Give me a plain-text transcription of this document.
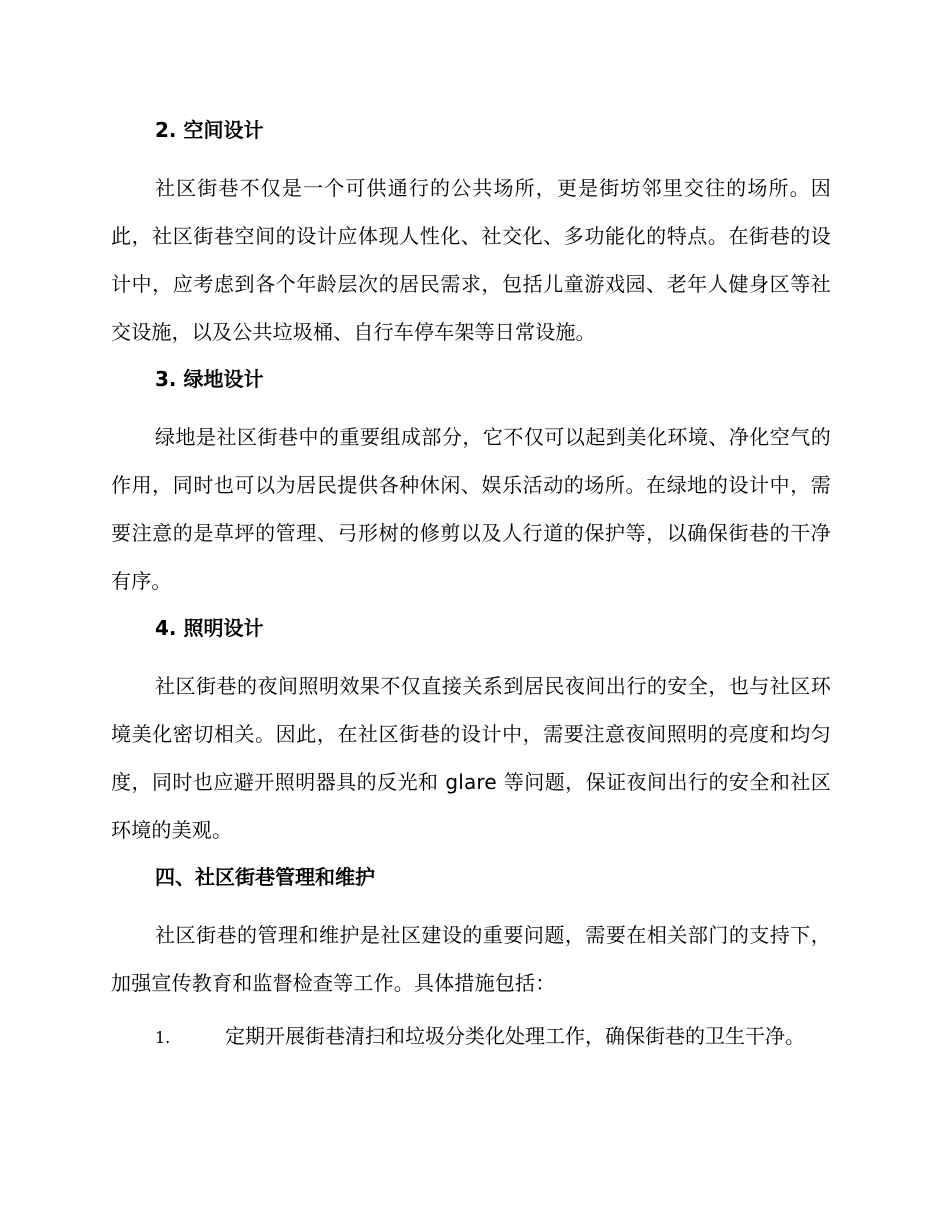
2. 空间设计
社区街巷不仅是一个可供通行的公共场所，更是街坊邻里交往的场所。因此，社区街巷空间的设计应体现人性化、社交化、多功能化的特点。在街巷的设计中，应考虑到各个年龄层次的居民需求，包括儿童游戏园、老年人健身区等社交设施，以及公共垃圾桶、自行车停车架等日常设施。
3. 绿地设计
绿地是社区街巷中的重要组成部分，它不仅可以起到美化环境、净化空气的作用，同时也可以为居民提供各种休闲、娱乐活动的场所。在绿地的设计中，需要注意的是草坪的管理、弓形树的修剪以及人行道的保护等，以确保街巷的干净有序。
4. 照明设计
社区街巷的夜间照明效果不仅直接关系到居民夜间出行的安全，也与社区环境美化密切相关。因此，在社区街巷的设计中，需要注意夜间照明的亮度和均匀度，同时也应避开照明器具的反光和 glare 等问题，保证夜间出行的安全和社区环境的美观。
四、社区街巷管理和维护
社区街巷的管理和维护是社区建设的重要问题，需要在相关部门的支持下，加强宣传教育和监督检查等工作。具体措施包括：
1.	定期开展街巷清扫和垃圾分类化处理工作，确保街巷的卫生干净。
